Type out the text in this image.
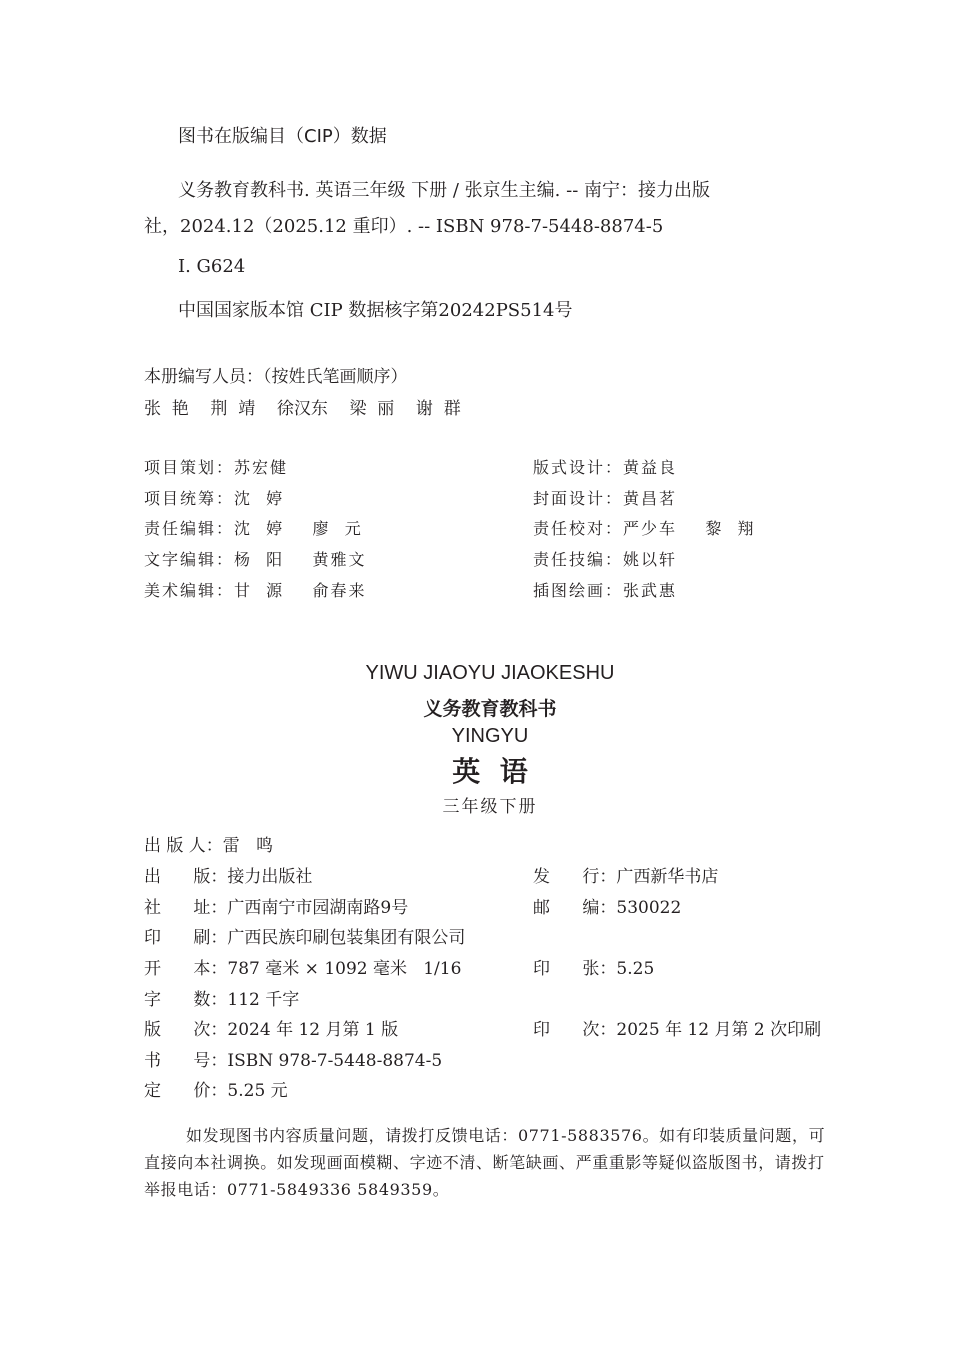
图书在版编目（CIP）数据
义务教育教科书. 英语三年级 下册 / 张京生主编. -- 南宁：接力出版
社，2024.12（2025.12 重印）. -- ISBN 978-7-5448-8874-5
I. G624
中国国家版本馆 CIP 数据核字第20242PS514号
本册编写人员：（按姓氏笔画顺序）
张  艳    荆  靖    徐汉东    梁  丽    谢  群
项目策划：苏宏健
项目统筹：沈  婷
责任编辑：沈  婷    廖  元
文字编辑：杨  阳    黄雅文
美术编辑：甘  源    俞春来
版式设计：黄益良
封面设计：黄昌茗
责任校对：严少车    黎  翔
责任技编：姚以轩
插图绘画：张武惠
YIWU JIAOYU JIAOKESHU
义务教育教科书
YINGYU
英  语
三年级下册
出 版 人：雷   鸣
出      版：接力出版社
社      址：广西南宁市园湖南路9号
印      刷：广西民族印刷包装集团有限公司
开      本：787 毫米 × 1092 毫米   1/16
字      数：112 千字
版      次：2024 年 12 月第 1 版
书      号：ISBN 978-7-5448-8874-5
定      价：5.25 元
发      行：广西新华书店
邮      编：530022
印      张：5.25
印      次：2025 年 12 月第 2 次印刷
如发现图书内容质量问题，请拨打反馈电话：0771-5883576。如有印装质量问题，可直接向本社调换。如发现画面模糊、字迹不清、断笔缺画、严重重影等疑似盗版图书，请拨打举报电话：0771-5849336 5849359。
